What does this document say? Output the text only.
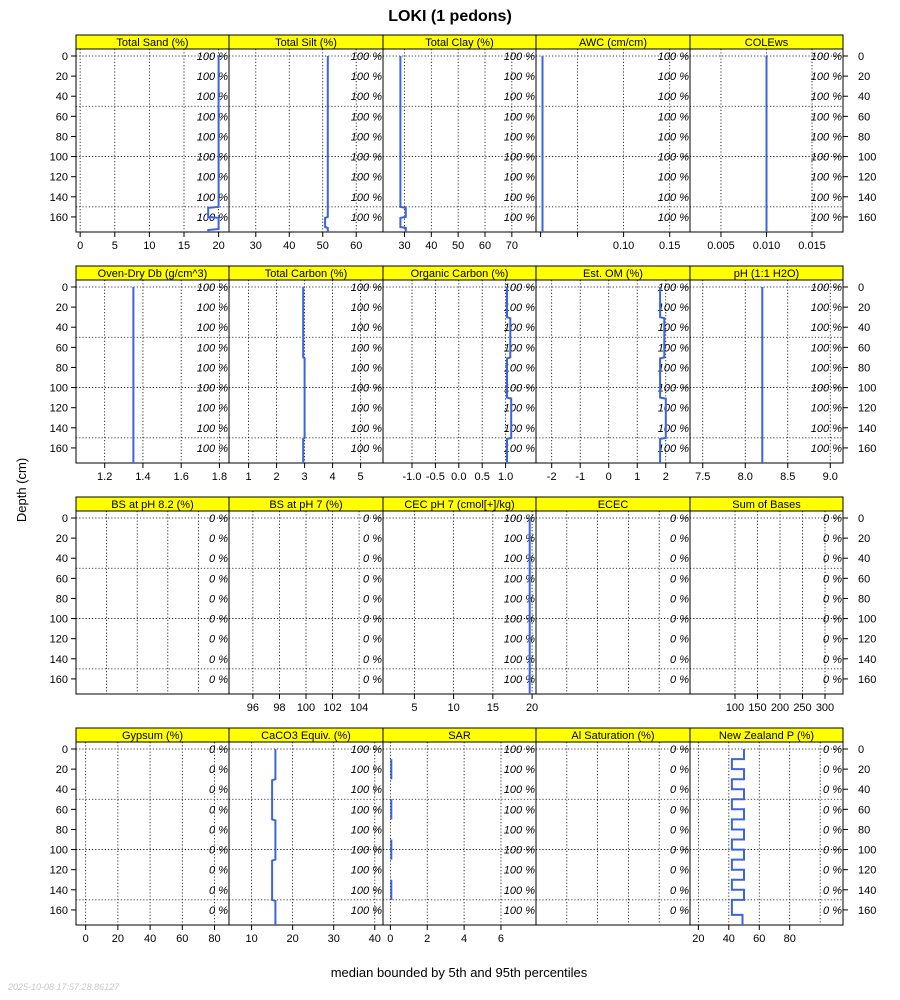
LOKI (1 pedons)
Total Sand (%)
100 %
100 %
100 %
100 %
100 %
100 %
100 %
100 %
100 %
0	5 10 15 20
0
20
40
60
80
100
120
140
160
Total Silt (%)
100 %
100 %
100 %
100 %
100 %
100 %
100 %
100 %
100 %
30 40 50 60
Total Clay (%)
100 %
100 %
100 %
100 %
100 %
100 %
100 %
100 %
100 %
30 40 50 60 70
AWC (cm/cm)
100 %
100 %
100 %
100 %
100 %
100 %
100 %
100 %
100 %
0.10 0.15
COLEws
100 %
100 %
100 %
100 %
100 %
100 %
100 %
100 %
100 %
0.005 0.010 0.015
0
20
40
60
80
100
120
140
160
Oven-Dry Db (g/cm^3)
100 %
100 %
100 %
100 %
100 %
100 %
100 %
100 %
100 %
1.2 1.4 1.6 1.8
0
20
40
60
80
100
120
140
160
Total Carbon (%)
100 %
100 %
100 %
100 %
100 %
100 %
100 %
100 %
100 %
1 2 3 4 5
Organic Carbon (%)
100 %
100 %
100 %
100 %
100 %
100 %
100 %
100 %
100 %
-1.0 -0.5 0.0 0.5 1.0
Est. OM (%)
100 %
100 %
100 %
100 %
100 %
100 %
100 %
100 %
100 %
-2 -1 0 1 2
pH (1:1 H2O)
100 %
100 %
100 %
100 %
100 %
100 %
100 %
100 %
100 %
7.5 8.0 8.5 9.0
0
20
40
60
80
100
120
140
160
BS at pH 8.2 (%)
0 %
0 %
0 %
0 %
0 %
0 %
0 %
0 %
0 %
0
20
40
60
80
100
120
140
160
BS at pH 7 (%)
0 %
0 %
0 %
0 %
0 %
0 %
0 %
0 %
0 %
96 98 100 102 104
CEC pH 7 (cmol[+]/kg)
100 %
100 %
100 %
100 %
100 %
100 %
100 %
100 %
100 %
5	10 15 20
ECEC
0 %
0 %
0 %
0 %
0 %
0 %
0 %
0 %
0 %
Sum of Bases
0 %
0 %
0 %
0 %
0 %
0 %
0 %
0 %
0 %
100 150 200 250 300
0
20
40
60
80
100
120
140
160
Gypsum (%)
0 %
0 %
0 %
0 %
0 %
0 %
0 %
0 %
0 %
0 20 40 60 80
0
20
40
60
80
100
120
140
160
CaCO3 Equiv. (%)
100 %
100 %
100 %
100 %
100 %
100 %
100 %
100 %
100 %
10	20	30	40
SAR
100 %
100 %
100 %
100 %
100 %
100 %
100 %
100 %
100 %
0	2	4	6
Al Saturation (%)
0 %
0 %
0 %
0 %
0 %
0 %
0 %
0 %
0 %
New Zealand P (%)
0 %
0 %
0 %
0 %
0 %
0 %
0 %
0 %
0 %
20 40 60 80
0
20
40
60
80
100
120
140
160
Depth (cm)
median bounded by 5th and 95th percentiles
2025-10-08 17:57:28.86127
